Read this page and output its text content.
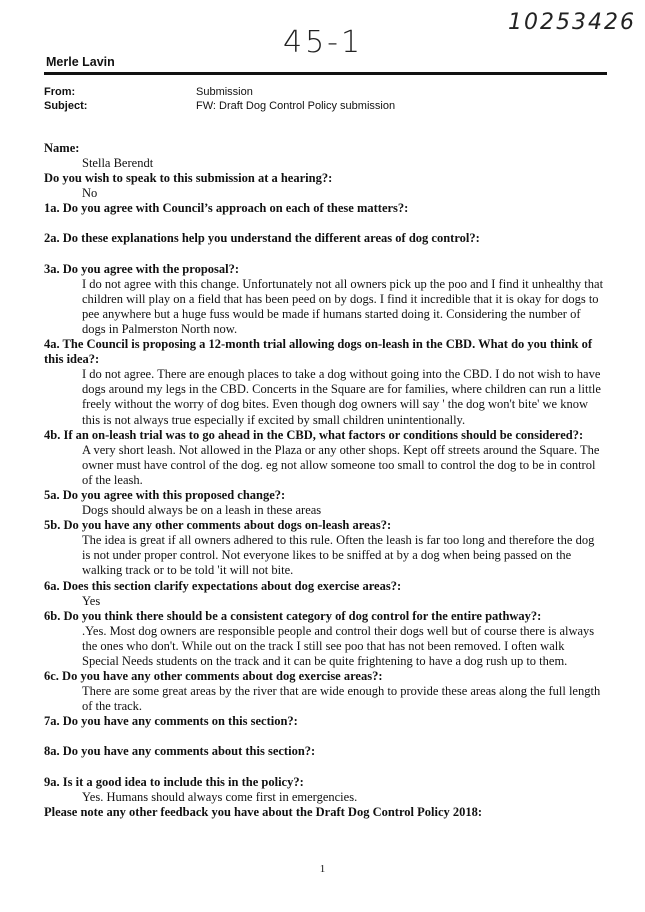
10253426
45-1
Merle Lavin
From:	Submission
Subject:	FW: Draft Dog Control Policy submission
Name:
Stella Berendt
Do you wish to speak to this submission at a hearing?:
No
1a. Do you agree with Council’s approach on each of these matters?:
2a. Do these explanations help you understand the different areas of dog control?:
3a. Do you agree with the proposal?:
I do not agree with this change. Unfortunately not all owners pick up the poo and I find it unhealthy that children will play on a field that has been peed on by dogs. I find it incredible that it is okay for dogs to pee anywhere but a huge fuss would be made if humans started doing it. Considering the number of dogs in Palmerston North now.
4a. The Council is proposing a 12-month trial allowing dogs on-leash in the CBD. What do you think of this idea?:
I do not agree. There are enough places to take a dog without going into the CBD. I do not wish to have dogs around my legs in the CBD. Concerts in the Square are for families, where children can run a little freely without the worry of dog bites. Even though dog owners will say ' the dog won't bite' we know this is not always true especially if excited by small children unintentionally.
4b. If an on-leash trial was to go ahead in the CBD, what factors or conditions should be considered?:
A very short leash. Not allowed in the Plaza or any other shops. Kept off streets around the Square. The owner must have control of the dog. eg not allow someone too small to control the dog to be in control of the leash.
5a. Do you agree with this proposed change?:
Dogs should always be on a leash in these areas
5b. Do you have any other comments about dogs on-leash areas?:
The idea is great if all owners adhered to this rule. Often the leash is far too long and therefore the dog is not under proper control. Not everyone likes to be sniffed at by a dog when being passed on the walking track or to be told 'it will not bite.
6a. Does this section clarify expectations about dog exercise areas?:
Yes
6b. Do you think there should be a consistent category of dog control for the entire pathway?:
.Yes. Most dog owners are responsible people and control their dogs well but of course there is always the ones who don't. While out on the track I still see poo that has not been removed. I often walk Special Needs students on the track and it can be quite frightening to have a dog rush up to them.
6c. Do you have any other comments about dog exercise areas?:
There are some great areas by the river that are wide enough to provide these areas along the full length of the track.
7a. Do you have any comments on this section?:
8a. Do you have any comments about this section?:
9a. Is it a good idea to include this in the policy?:
Yes. Humans should always come first in emergencies.
Please note any other feedback you have about the Draft Dog Control Policy 2018:
1
